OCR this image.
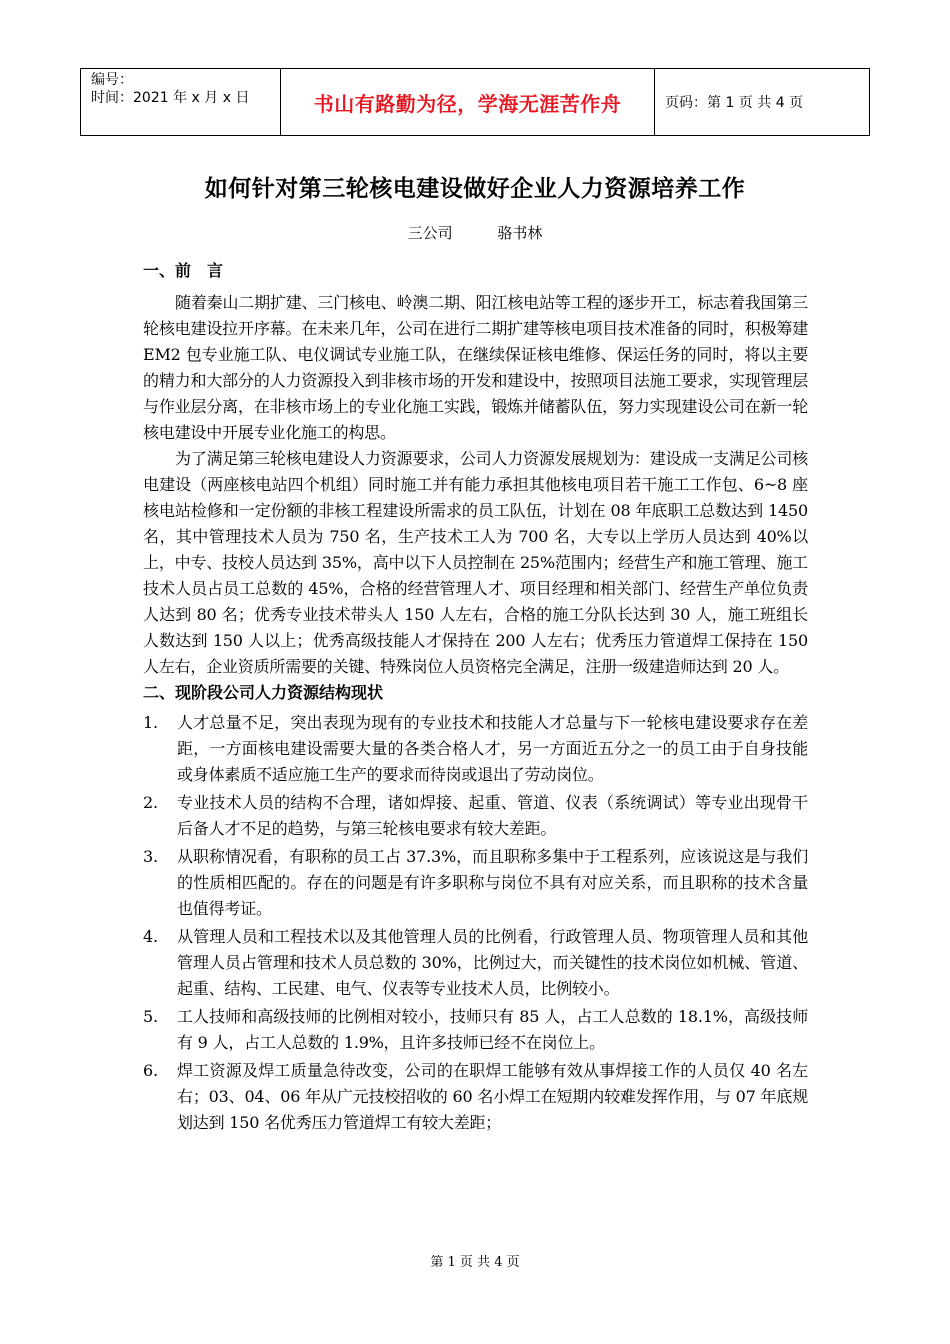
编号：
时间：2021 年 x 月 x 日	书山有路勤为径，学海无涯苦作舟	页码：第 1 页 共 4 页
如何针对第三轮核电建设做好企业人力资源培养工作
三公司	骆书林
一、前　言

随着秦山二期扩建、三门核电、岭澳二期、阳江核电站等工程的逐步开工，标志着我国第三轮核电建设拉开序幕。在未来几年，公司在进行二期扩建等核电项目技术准备的同时，积极筹建 EM2 包专业施工队、电仪调试专业施工队，在继续保证核电维修、保运任务的同时，将以主要的精力和大部分的人力资源投入到非核市场的开发和建设中，按照项目法施工要求，实现管理层与作业层分离，在非核市场上的专业化施工实践，锻炼并储蓄队伍，努力实现建设公司在新一轮核电建设中开展专业化施工的构思。

为了满足第三轮核电建设人力资源要求，公司人力资源发展规划为：建设成一支满足公司核电建设（两座核电站四个机组）同时施工并有能力承担其他核电项目若干施工工作包、6~8 座核电站检修和一定份额的非核工程建设所需求的员工队伍，计划在 08 年底职工总数达到 1450 名，其中管理技术人员为 750 名，生产技术工人为 700 名，大专以上学历人员达到 40%以上，中专、技校人员达到 35%，高中以下人员控制在 25%范围内；经营生产和施工管理、施工技术人员占员工总数的 45%，合格的经营管理人才、项目经理和相关部门、经营生产单位负责人达到 80 名；优秀专业技术带头人 150 人左右，合格的施工分队长达到 30 人，施工班组长人数达到 150 人以上；优秀高级技能人才保持在 200 人左右；优秀压力管道焊工保持在 150 人左右，企业资质所需要的关键、特殊岗位人员资格完全满足，注册一级建造师达到 20 人。

二、现阶段公司人力资源结构现状
1. 人才总量不足，突出表现为现有的专业技术和技能人才总量与下一轮核电建设要求存在差距，一方面核电建设需要大量的各类合格人才，另一方面近五分之一的员工由于自身技能或身体素质不适应施工生产的要求而待岗或退出了劳动岗位。
2. 专业技术人员的结构不合理，诸如焊接、起重、管道、仪表（系统调试）等专业出现骨干后备人才不足的趋势，与第三轮核电要求有较大差距。
3. 从职称情况看，有职称的员工占 37.3%，而且职称多集中于工程系列，应该说这是与我们的性质相匹配的。存在的问题是有许多职称与岗位不具有对应关系，而且职称的技术含量也值得考证。
4. 从管理人员和工程技术以及其他管理人员的比例看，行政管理人员、物项管理人员和其他管理人员占管理和技术人员总数的 30%，比例过大，而关键性的技术岗位如机械、管道、起重、结构、工民建、电气、仪表等专业技术人员，比例较小。
5. 工人技师和高级技师的比例相对较小，技师只有 85 人，占工人总数的 18.1%，高级技师有 9 人，占工人总数的 1.9%，且许多技师已经不在岗位上。
6. 焊工资源及焊工质量急待改变，公司的在职焊工能够有效从事焊接工作的人员仅 40 名左右；03、04、06 年从广元技校招收的 60 名小焊工在短期内较难发挥作用，与 07 年底规划达到 150 名优秀压力管道焊工有较大差距；
第 1 页 共 4 页
